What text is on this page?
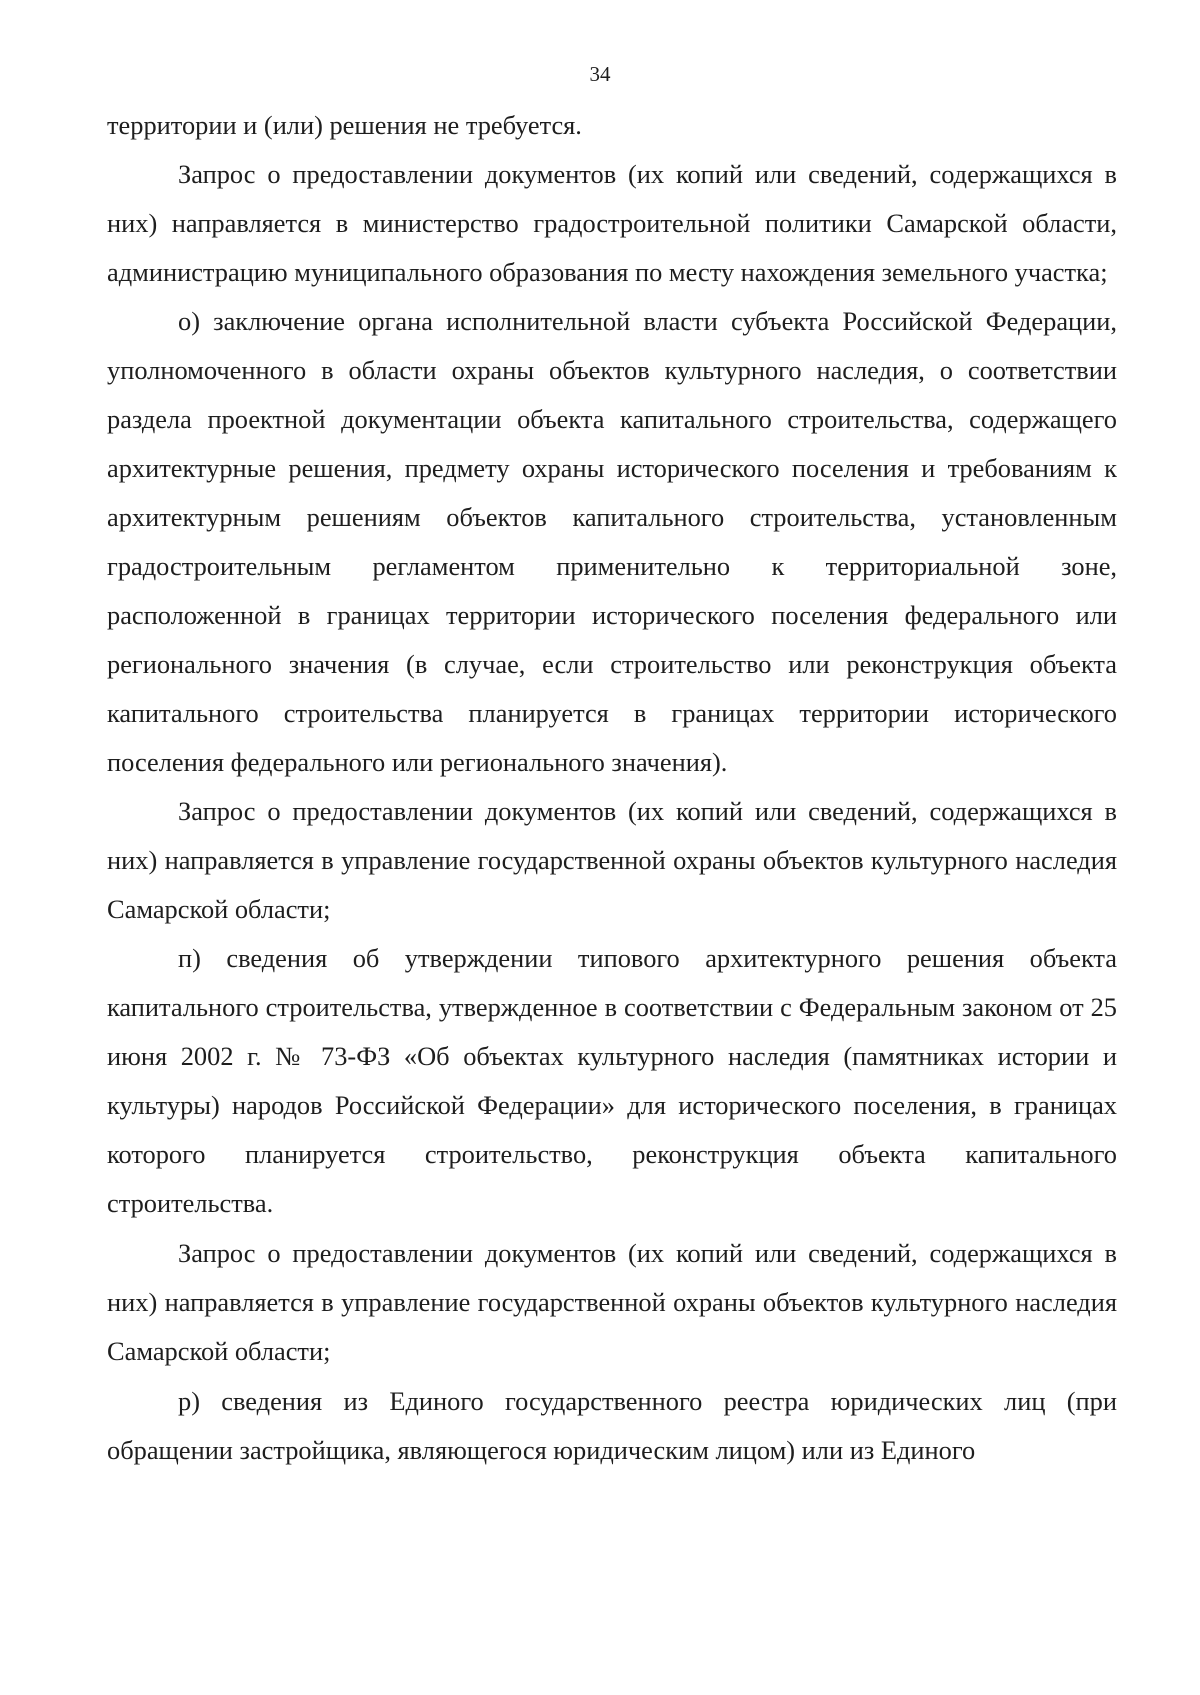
34

территории и (или) решения не требуется.

Запрос о предоставлении документов (их копий или сведений, содержащихся в них) направляется в министерство градостроительной политики Самарской области, администрацию муниципального образования по месту нахождения земельного участка;

о) заключение органа исполнительной власти субъекта Российской Федерации, уполномоченного в области охраны объектов культурного наследия, о соответствии раздела проектной документации объекта капитального строительства, содержащего архитектурные решения, предмету охраны исторического поселения и требованиям к архитектурным решениям объектов капитального строительства, установленным градостроительным регламентом применительно к территориальной зоне, расположенной в границах территории исторического поселения федерального или регионального значения (в случае, если строительство или реконструкция объекта капитального строительства планируется в границах территории исторического поселения федерального или регионального значения).

Запрос о предоставлении документов (их копий или сведений, содержащихся в них) направляется в управление государственной охраны объектов культурного наследия Самарской области;

п) сведения об утверждении типового архитектурного решения объекта капитального строительства, утвержденное в соответствии с Федеральным законом от 25 июня 2002 г. № 73-ФЗ «Об объектах культурного наследия (памятниках истории и культуры) народов Российской Федерации» для исторического поселения, в границах которого планируется строительство, реконструкция объекта капитального строительства.

Запрос о предоставлении документов (их копий или сведений, содержащихся в них) направляется в управление государственной охраны объектов культурного наследия Самарской области;

р) сведения из Единого государственного реестра юридических лиц (при обращении застройщика, являющегося юридическим лицом) или из Единого
